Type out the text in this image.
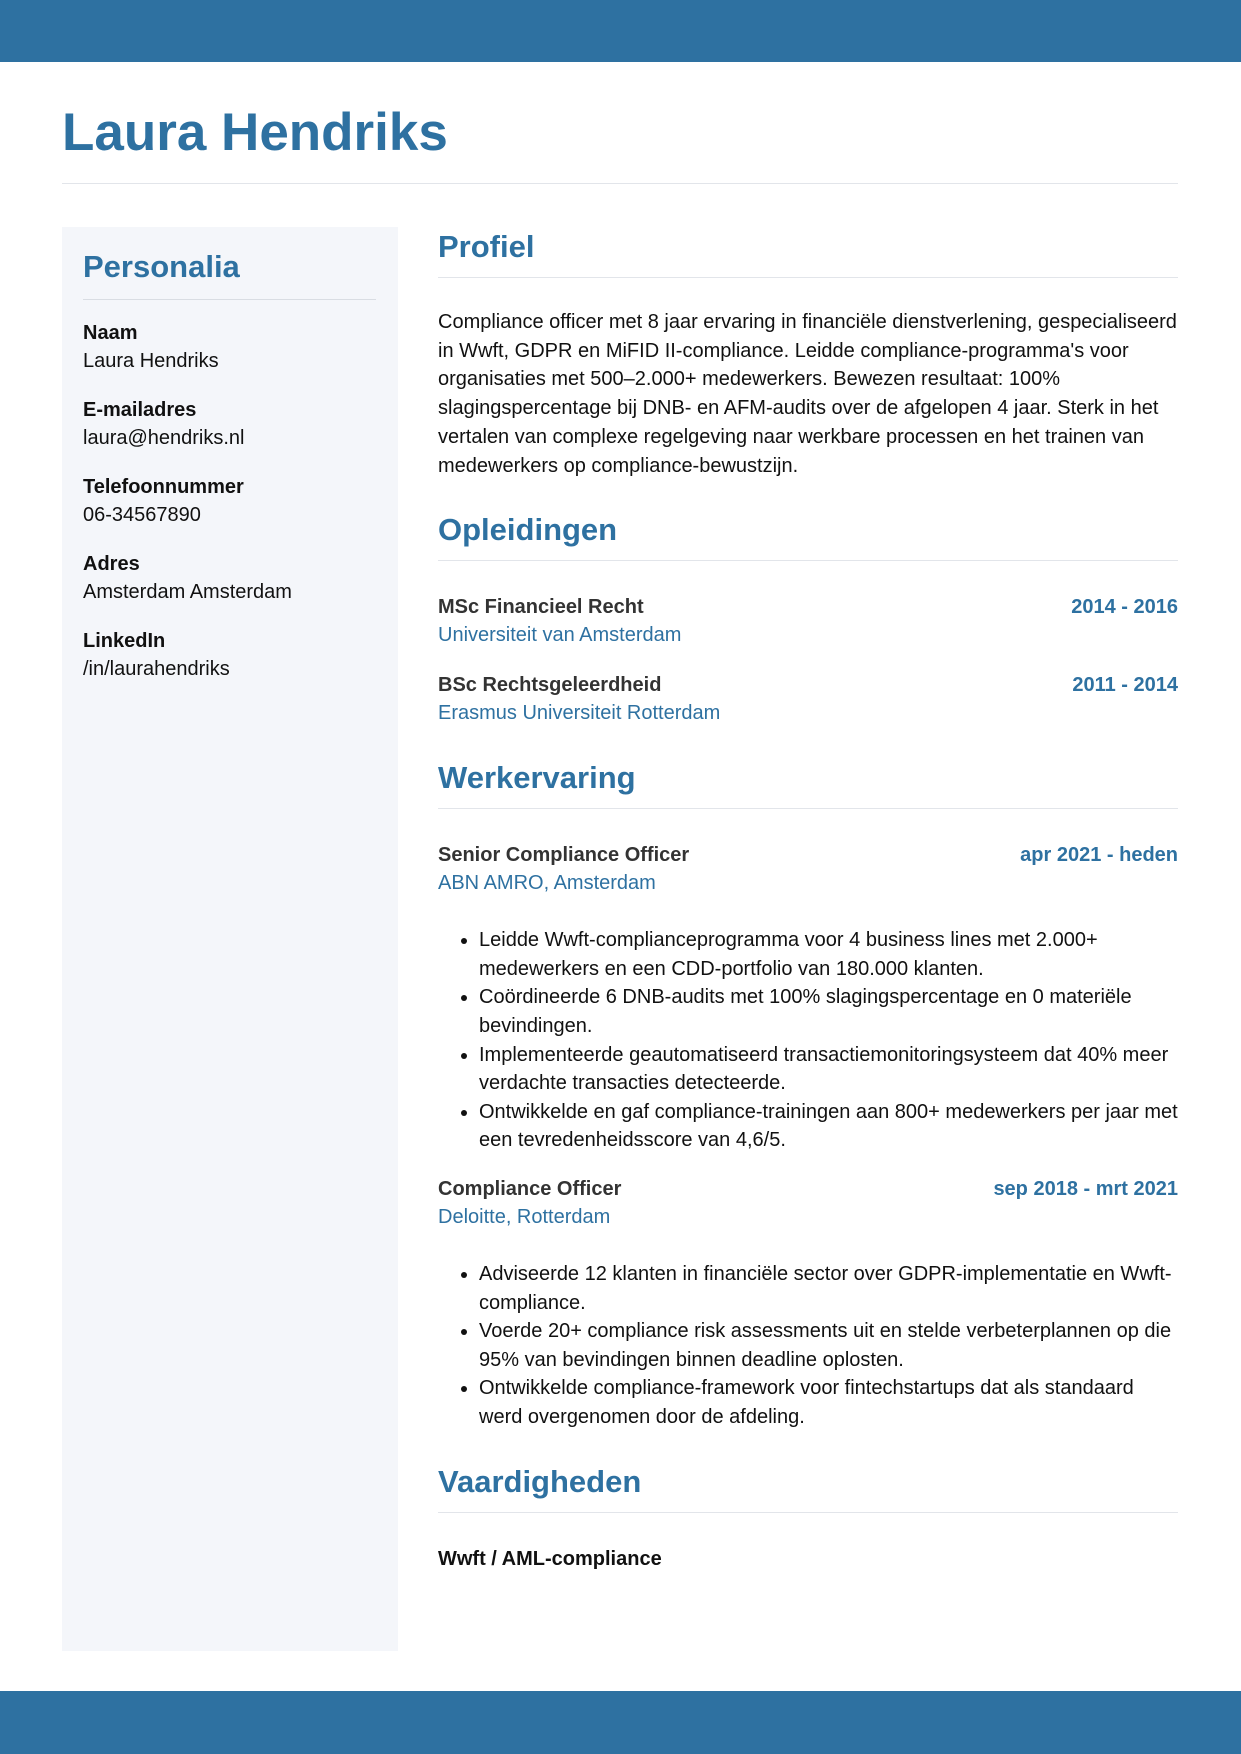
Laura Hendriks
Personalia
Naam
Laura Hendriks
E-mailadres
laura@hendriks.nl
Telefoonnummer
06-34567890
Adres
Amsterdam Amsterdam
LinkedIn
/in/laurahendriks
Profiel

Compliance officer met 8 jaar ervaring in financiële dienstverlening, gespecialiseerd in Wwft, GDPR en MiFID II-compliance. Leidde compliance-programma's voor organisaties met 500–2.000+ medewerkers. Bewezen resultaat: 100% slagingspercentage bij DNB- en AFM-audits over de afgelopen 4 jaar. Sterk in het vertalen van complexe regelgeving naar werkbare processen en het trainen van medewerkers op compliance-bewustzijn.

Opleidingen
MSc Financieel Recht	2014 - 2016
Universiteit van Amsterdam
BSc Rechtsgeleerdheid	2011 - 2014
Erasmus Universiteit Rotterdam
Werkervaring
Senior Compliance Officer	apr 2021 - heden
ABN AMRO, Amsterdam
• Leidde Wwft-complianceprogramma voor 4 business lines met 2.000+ medewerkers en een CDD-portfolio van 180.000 klanten.
• Coördineerde 6 DNB-audits met 100% slagingspercentage en 0 materiële bevindingen.
• Implementeerde geautomatiseerd transactiemonitoringsysteem dat 40% meer verdachte transacties detecteerde.
• Ontwikkelde en gaf compliance-trainingen aan 800+ medewerkers per jaar met een tevredenheidsscore van 4,6/5.
Compliance Officer	sep 2018 - mrt 2021
Deloitte, Rotterdam
• Adviseerde 12 klanten in financiële sector over GDPR-implementatie en Wwft-compliance.
• Voerde 20+ compliance risk assessments uit en stelde verbeterplannen op die 95% van bevindingen binnen deadline oplosten.
• Ontwikkelde compliance-framework voor fintechstartups dat als standaard werd overgenomen door de afdeling.
Vaardigheden
Wwft / AML-compliance
